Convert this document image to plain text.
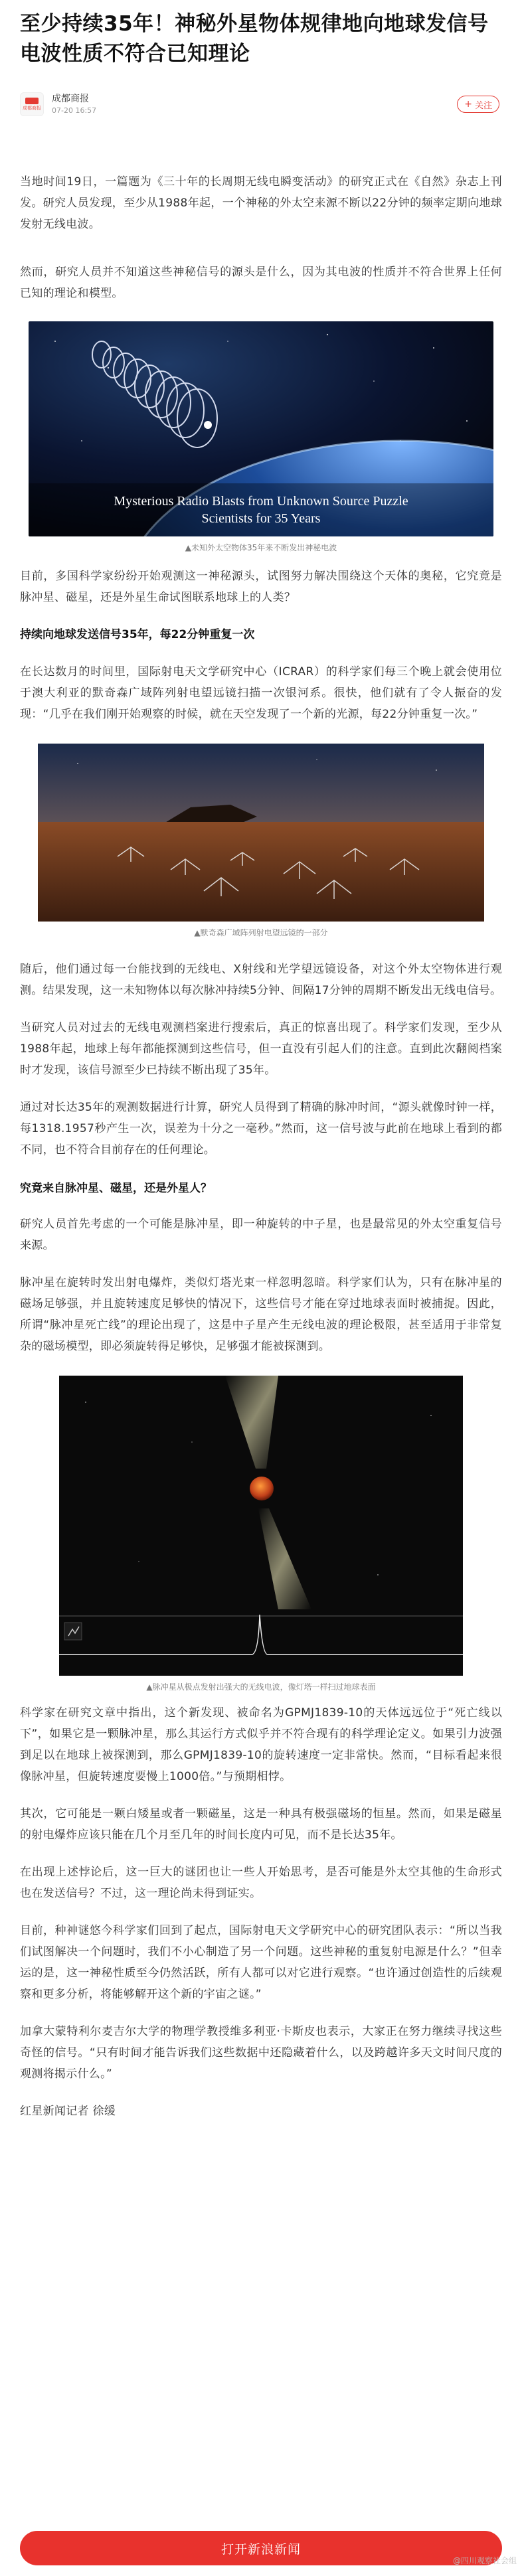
至少持续35年！神秘外星物体规律地向地球发信号 电波性质不符合已知理论
成都商报
成都商报
07-20 16:57
+ 关注

当地时间19日，一篇题为《三十年的长周期无线电瞬变活动》的研究正式在《自然》杂志上刊发。研究人员发现，至少从1988年起，一个神秘的外太空来源不断以22分钟的频率定期向地球发射无线电波。

然而，研究人员并不知道这些神秘信号的源头是什么，因为其电波的性质并不符合世界上任何已知的理论和模型。

Mysterious Radio Blasts from Unknown Source Puzzle
Scientists for 35 Years
▲未知外太空物体35年来不断发出神秘电波

目前，多国科学家纷纷开始观测这一神秘源头，试图努力解决围绕这个天体的奥秘，它究竟是脉冲星、磁星，还是外星生命试图联系地球上的人类？

持续向地球发送信号35年，每22分钟重复一次

在长达数月的时间里，国际射电天文学研究中心（ICRAR）的科学家们每三个晚上就会使用位于澳大利亚的默奇森广域阵列射电望远镜扫描一次银河系。很快，他们就有了令人振奋的发现：“几乎在我们刚开始观察的时候，就在天空发现了一个新的光源，每22分钟重复一次。”

▲默奇森广域阵列射电望远镜的一部分

随后，他们通过每一台能找到的无线电、X射线和光学望远镜设备，对这个外太空物体进行观测。结果发现，这一未知物体以每次脉冲持续5分钟、间隔17分钟的周期不断发出无线电信号。

当研究人员对过去的无线电观测档案进行搜索后，真正的惊喜出现了。科学家们发现，至少从1988年起，地球上每年都能探测到这些信号，但一直没有引起人们的注意。直到此次翻阅档案时才发现，该信号源至少已持续不断出现了35年。

通过对长达35年的观测数据进行计算，研究人员得到了精确的脉冲时间，“源头就像时钟一样，每1318.1957秒产生一次，误差为十分之一毫秒。”然而，这一信号波与此前在地球上看到的都不同，也不符合目前存在的任何理论。

究竟来自脉冲星、磁星，还是外星人？

研究人员首先考虑的一个可能是脉冲星，即一种旋转的中子星，也是最常见的外太空重复信号来源。

脉冲星在旋转时发出射电爆炸，类似灯塔光束一样忽明忽暗。科学家们认为，只有在脉冲星的磁场足够强，并且旋转速度足够快的情况下，这些信号才能在穿过地球表面时被捕捉。因此，所谓“脉冲星死亡线”的理论出现了，这是中子星产生无线电波的理论极限，甚至适用于非常复杂的磁场模型，即必须旋转得足够快，足够强才能被探测到。

▲脉冲星从极点发射出强大的无线电波，像灯塔一样扫过地球表面

科学家在研究文章中指出，这个新发现、被命名为GPMJ1839-10的天体远远位于“死亡线以下”，如果它是一颗脉冲星，那么其运行方式似乎并不符合现有的科学理论定义。如果引力波强到足以在地球上被探测到，那么GPMJ1839-10的旋转速度一定非常快。然而，“目标看起来很像脉冲星，但旋转速度要慢上1000倍。”与预期相悖。

其次，它可能是一颗白矮星或者一颗磁星，这是一种具有极强磁场的恒星。然而，如果是磁星的射电爆炸应该只能在几个月至几年的时间长度内可见，而不是长达35年。

在出现上述悖论后，这一巨大的谜团也让一些人开始思考，是否可能是外太空其他的生命形式也在发送信号？不过，这一理论尚未得到证实。

目前，种神谜悠今科学家们回到了起点，国际射电天文学研究中心的研究团队表示：“所以当我们试图解决一个问题时，我们不小心制造了另一个问题。这些神秘的重复射电源是什么？”但幸运的是，这一神秘性质至今仍然活跃，所有人都可以对它进行观察。“也许通过创造性的后续观察和更多分析，将能够解开这个新的宇宙之谜。”

加拿大蒙特利尔麦吉尔大学的物理学教授维多利亚·卡斯皮也表示，大家正在努力继续寻找这些奇怪的信号。“只有时间才能告诉我们这些数据中还隐藏着什么，以及跨越许多天文时间尺度的观测将揭示什么。”

红星新闻记者 徐缓

打开新浪新闻
@四川观察社会组
